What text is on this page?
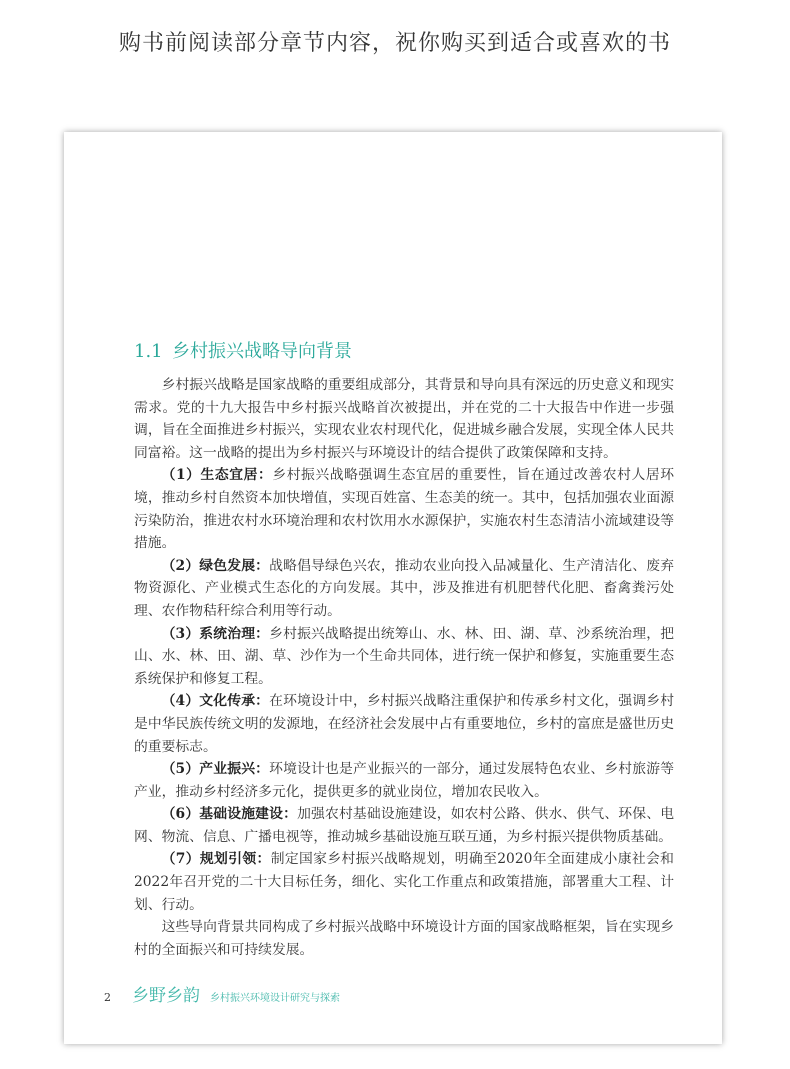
购书前阅读部分章节内容，祝你购买到适合或喜欢的书
1.1 乡村振兴战略导向背景

乡村振兴战略是国家战略的重要组成部分，其背景和导向具有深远的历史意义和现实需求。党的十九大报告中乡村振兴战略首次被提出，并在党的二十大报告中作进一步强调，旨在全面推进乡村振兴，实现农业农村现代化，促进城乡融合发展，实现全体人民共同富裕。这一战略的提出为乡村振兴与环境设计的结合提供了政策保障和支持。

（1）生态宜居：乡村振兴战略强调生态宜居的重要性，旨在通过改善农村人居环境，推动乡村自然资本加快增值，实现百姓富、生态美的统一。其中，包括加强农业面源污染防治，推进农村水环境治理和农村饮用水水源保护，实施农村生态清洁小流域建设等措施。

（2）绿色发展：战略倡导绿色兴农，推动农业向投入品减量化、生产清洁化、废弃物资源化、产业模式生态化的方向发展。其中，涉及推进有机肥替代化肥、畜禽粪污处理、农作物秸秆综合利用等行动。

（3）系统治理：乡村振兴战略提出统筹山、水、林、田、湖、草、沙系统治理，把山、水、林、田、湖、草、沙作为一个生命共同体，进行统一保护和修复，实施重要生态系统保护和修复工程。

（4）文化传承：在环境设计中，乡村振兴战略注重保护和传承乡村文化，强调乡村是中华民族传统文明的发源地，在经济社会发展中占有重要地位，乡村的富庶是盛世历史的重要标志。

（5）产业振兴：环境设计也是产业振兴的一部分，通过发展特色农业、乡村旅游等产业，推动乡村经济多元化，提供更多的就业岗位，增加农民收入。

（6）基础设施建设：加强农村基础设施建设，如农村公路、供水、供气、环保、电网、物流、信息、广播电视等，推动城乡基础设施互联互通，为乡村振兴提供物质基础。

（7）规划引领：制定国家乡村振兴战略规划，明确至2020年全面建成小康社会和2022年召开党的二十大目标任务，细化、实化工作重点和政策措施，部署重大工程、计划、行动。

这些导向背景共同构成了乡村振兴战略中环境设计方面的国家战略框架，旨在实现乡村的全面振兴和可持续发展。

2	乡野乡韵 乡村振兴环境设计研究与探索
